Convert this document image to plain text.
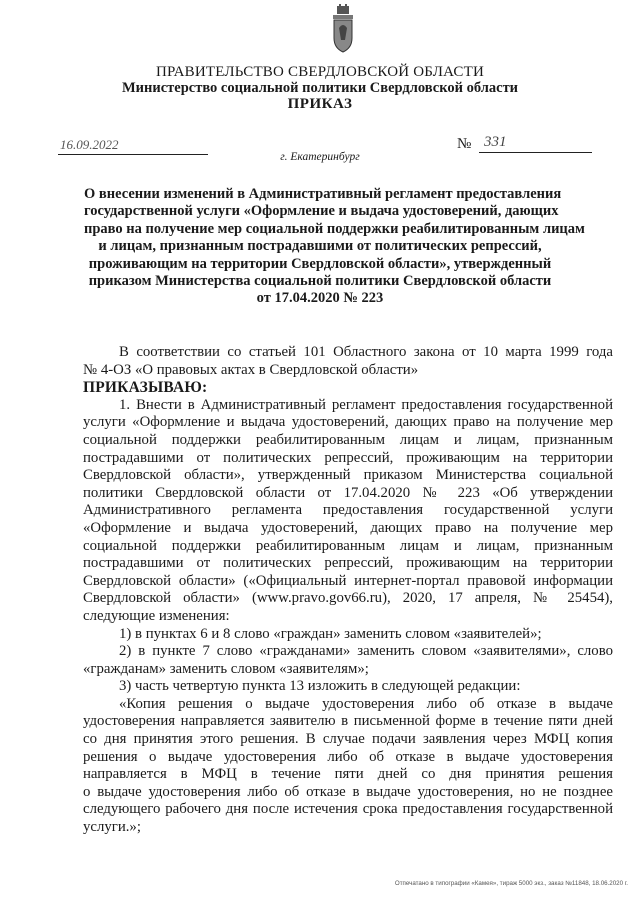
ПРАВИТЕЛЬСТВО СВЕРДЛОВСКОЙ ОБЛАСТИ
Министерство социальной политики Свердловской области
ПРИКАЗ
16.09.2022	№ 331
г. Екатеринбург
О внесении изменений в Административный регламент предоставления
государственной услуги «Оформление и выдача удостоверений, дающих
право на получение мер социальной поддержки реабилитированным лицам
и лицам, признанным пострадавшими от политических репрессий,
проживающим на территории Свердловской области», утвержденный
приказом Министерства социальной политики Свердловской области
от 17.04.2020 № 223
В соответствии со статьей 101 Областного закона от 10 марта 1999 года
№ 4-ОЗ «О правовых актах в Свердловской области»
ПРИКАЗЫВАЮ:
1. Внести в Административный регламент предоставления государственной
услуги «Оформление и выдача удостоверений, дающих право на получение мер
социальной поддержки реабилитированным лицам и лицам, признанным
пострадавшими от политических репрессий, проживающим на территории
Свердловской области», утвержденный приказом Министерства социальной
политики Свердловской области от 17.04.2020 № 223 «Об утверждении
Административного регламента предоставления государственной услуги
«Оформление и выдача удостоверений, дающих право на получение мер
социальной поддержки реабилитированным лицам и лицам, признанным
пострадавшими от политических репрессий, проживающим на территории
Свердловской области» («Официальный интернет-портал правовой информации
Свердловской области» (www.pravo.gov66.ru), 2020, 17 апреля, № 25454),
следующие изменения:
1) в пунктах 6 и 8 слово «граждан» заменить словом «заявителей»;
2) в пункте 7 слово «гражданами» заменить словом «заявителями», слово
«гражданам» заменить словом «заявителям»;
3) часть четвертую пункта 13 изложить в следующей редакции:
«Копия решения о выдаче удостоверения либо об отказе в выдаче
удостоверения направляется заявителю в письменной форме в течение пяти дней
со дня принятия этого решения. В случае подачи заявления через МФЦ копия
решения о выдаче удостоверения либо об отказе в выдаче удостоверения
направляется в МФЦ в течение пяти дней со дня принятия решения
о выдаче удостоверения либо об отказе в выдаче удостоверения, но не позднее
следующего рабочего дня после истечения срока предоставления государственной
услуги.»;
Отпечатано в типографии «Камея», тираж 5000 экз., заказ №11848, 18.06.2020 г.
